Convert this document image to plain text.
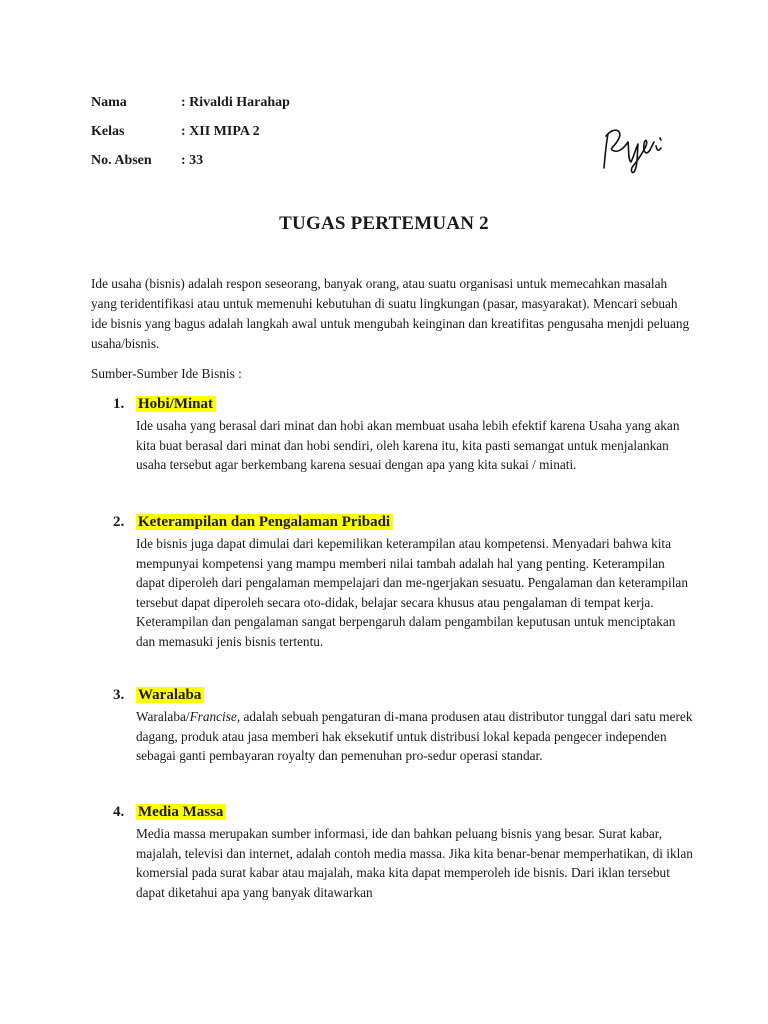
Nama	: Rivaldi Harahap
Kelas	: XII MIPA 2
No. Absen : 33
TUGAS PERTEMUAN 2
Ide usaha (bisnis) adalah respon seseorang, banyak orang, atau suatu organisasi untuk memecahkan masalah yang teridentifikasi atau untuk memenuhi kebutuhan di suatu lingkungan (pasar, masyarakat). Mencari sebuah ide bisnis yang bagus adalah langkah awal untuk mengubah keinginan dan kreatifitas pengusaha menjdi peluang usaha/bisnis.
Sumber-Sumber Ide Bisnis :
1. Hobi/Minat
Ide usaha yang berasal dari minat dan hobi akan membuat usaha lebih efektif karena Usaha yang akan kita buat berasal dari minat dan hobi sendiri, oleh karena itu, kita pasti semangat untuk menjalankan usaha tersebut agar berkembang karena sesuai dengan apa yang kita sukai / minati.
2. Keterampilan dan Pengalaman Pribadi

Ide bisnis juga dapat dimulai dari kepemilikan keterampilan atau kompetensi. Menyadari bahwa kita mempunyai kompetensi yang mampu memberi nilai tambah adalah hal yang penting. Keterampilan dapat diperoleh dari pengalaman mempelajari dan me-ngerjakan sesuatu. Pengalaman dan keterampilan tersebut dapat diperoleh secara oto-didak, belajar secara khusus atau pengalaman di tempat kerja.

Keterampilan dan pengalaman sangat berpengaruh dalam pengambilan keputusan untuk menciptakan dan memasuki jenis bisnis tertentu.

3. Waralaba
Waralaba/Francise, adalah sebuah pengaturan di-mana produsen atau distributor tunggal dari satu merek dagang, produk atau jasa memberi hak eksekutif untuk distribusi lokal kepada pengecer independen sebagai ganti pembayaran royalty dan pemenuhan pro-sedur operasi standar.
4. Media Massa
Media massa merupakan sumber informasi, ide dan bahkan peluang bisnis yang besar. Surat kabar, majalah, televisi dan internet, adalah contoh media massa. Jika kita benar-benar memperhatikan, di iklan komersial pada surat kabar atau majalah, maka kita dapat memperoleh ide bisnis. Dari iklan tersebut dapat diketahui apa yang banyak ditawarkan
